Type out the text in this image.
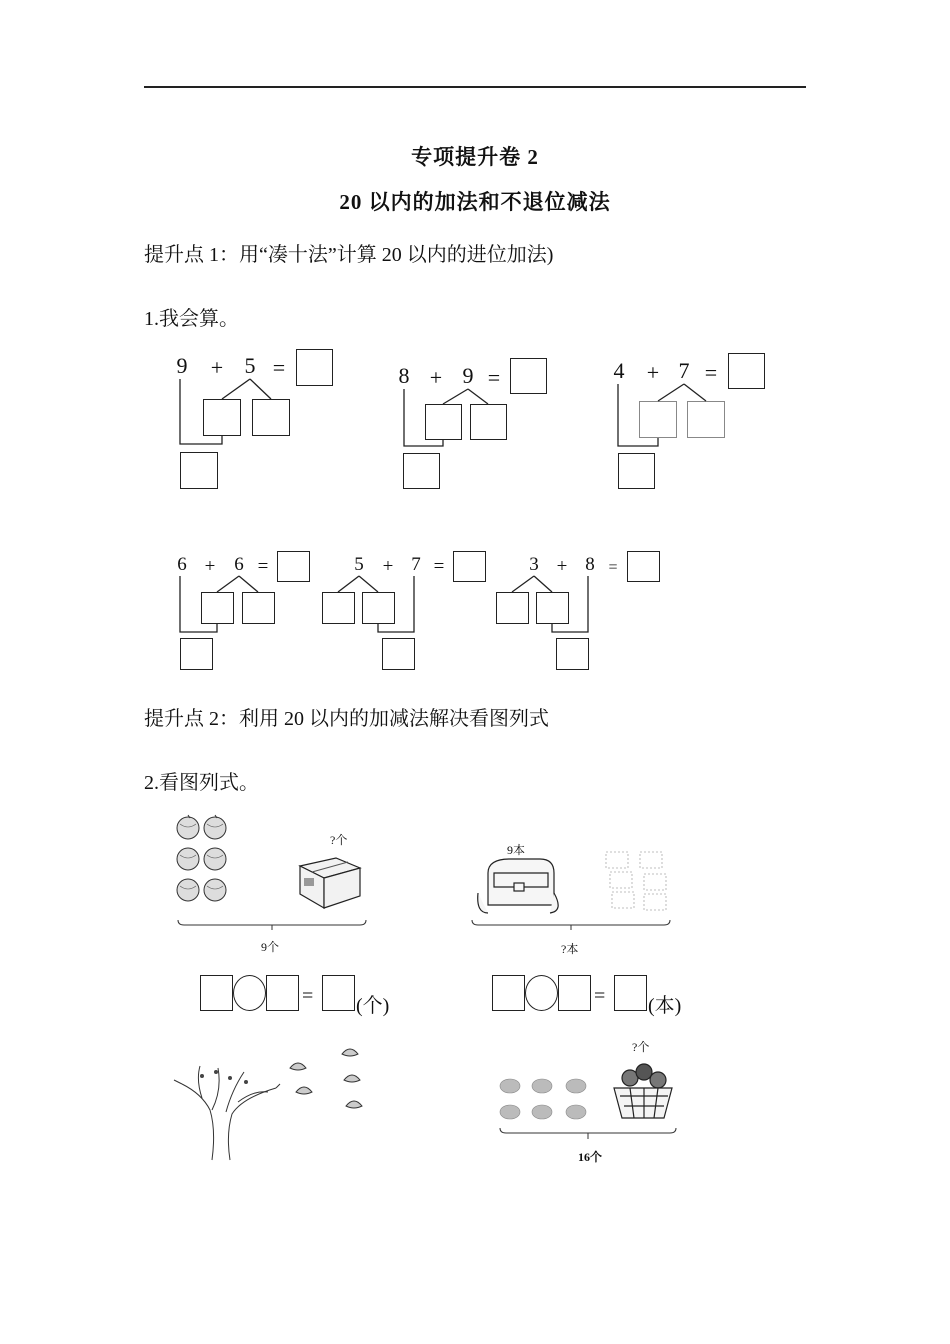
专项提升卷 2
20 以内的加法和不退位减法
提升点 1：用“凑十法”计算 20 以内的进位加法)
1.我会算。
9 + 5 =	8 + 9 =	4 + 7 =
6 + 6 =	5 + 7 =	3 + 8 =
提升点 2：利用 20 以内的加减法解决看图列式
2.看图列式。
?个
9个
9本
?本
= (个)	= (本)
?个
16个
